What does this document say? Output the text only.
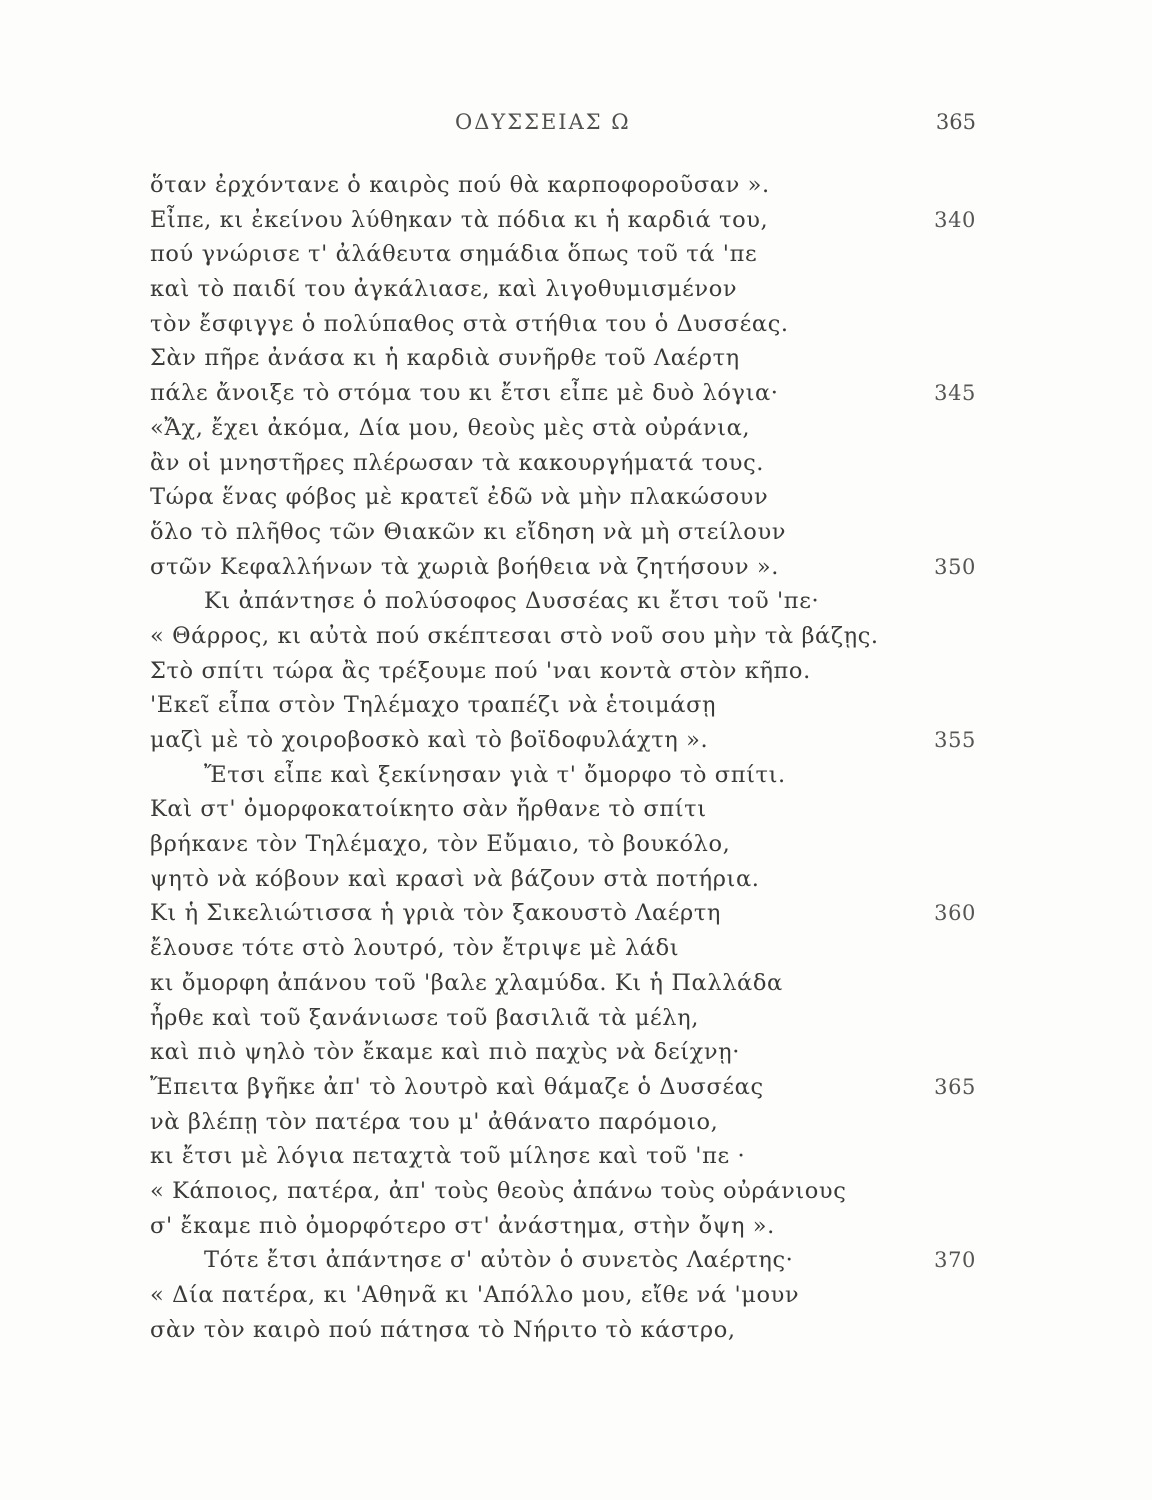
ΟΔΥΣΣΕΙΑΣ Ω	365
ὅταν ἐρχόντανε ὁ καιρὸς πού θὰ καρποφοροῦσαν ».
Εἶπε, κι ἐκείνου λύθηκαν τὰ πόδια κι ἡ καρδιά του,	340
πού γνώρισε τ' ἀλάθευτα σημάδια ὅπως τοῦ τά 'πε
καὶ τὸ παιδί του ἀγκάλιασε, καὶ λιγοθυμισμένον
τὸν ἔσφιγγε ὁ πολύπαθος στὰ στήθια του ὁ Δυσσέας.
Σὰν πῆρε ἀνάσα κι ἡ καρδιὰ συνῆρθε τοῦ Λαέρτη
πάλε ἄνοιξε τὸ στόμα του κι ἔτσι εἶπε μὲ δυὸ λόγια·	345
«Ἄχ, ἔχει ἀκόμα, Δία μου, θεοὺς μὲς στὰ οὐράνια,
ἂν οἱ μνηστῆρες πλέρωσαν τὰ κακουργήματά τους.
Τώρα ἕνας φόβος μὲ κρατεῖ ἐδῶ νὰ μὴν πλακώσουν
ὅλο τὸ πλῆθος τῶν Θιακῶν κι εἴδηση νὰ μὴ στείλουν
στῶν Κεφαλλήνων τὰ χωριὰ βοήθεια νὰ ζητήσουν ».	350
Κι ἀπάντησε ὁ πολύσοφος Δυσσέας κι ἔτσι τοῦ 'πε·
« Θάρρος, κι αὐτὰ πού σκέπτεσαι στὸ νοῦ σου μὴν τὰ βάζῃς.
Στὸ σπίτι τώρα ἂς τρέξουμε πού 'ναι κοντὰ στὸν κῆπο.
'Εκεῖ εἶπα στὸν Τηλέμαχο τραπέζι νὰ ἑτοιμάσῃ
μαζὶ μὲ τὸ χοιροβοσκὸ καὶ τὸ βοϊδοφυλάχτη ».	355
Ἔτσι εἶπε καὶ ξεκίνησαν γιὰ τ' ὄμορφο τὸ σπίτι.
Καὶ στ' ὀμορφοκατοίκητο σὰν ἤρθανε τὸ σπίτι
βρήκανε τὸν Τηλέμαχο, τὸν Εὔμαιο, τὸ βουκόλο,
ψητὸ νὰ κόβουν καὶ κρασὶ νὰ βάζουν στὰ ποτήρια.
Κι ἡ Σικελιώτισσα ἡ γριὰ τὸν ξακουστὸ Λαέρτη	360
ἔλουσε τότε στὸ λουτρό, τὸν ἔτριψε μὲ λάδι
κι ὄμορφη ἀπάνου τοῦ 'βαλε χλαμύδα. Κι ἡ Παλλάδα
ἦρθε καὶ τοῦ ξανάνιωσε τοῦ βασιλιᾶ τὰ μέλη,
καὶ πιὸ ψηλὸ τὸν ἔκαμε καὶ πιὸ παχὺς νὰ δείχνῃ·
Ἔπειτα βγῆκε ἀπ' τὸ λουτρὸ καὶ θάμαζε ὁ Δυσσέας	365
νὰ βλέπῃ τὸν πατέρα του μ' ἀθάνατο παρόμοιο,
κι ἔτσι μὲ λόγια πεταχτὰ τοῦ μίλησε καὶ τοῦ 'πε ·
« Κάποιος, πατέρα, ἀπ' τοὺς θεοὺς ἀπάνω τοὺς οὐράνιους
σ' ἔκαμε πιὸ ὀμορφότερο στ' ἀνάστημα, στὴν ὄψη ».
Τότε ἔτσι ἀπάντησε σ' αὐτὸν ὁ συνετὸς Λαέρτης·	370
« Δία πατέρα, κι 'Αθηνᾶ κι 'Απόλλο μου, εἴθε νά 'μουν
σὰν τὸν καιρὸ πού πάτησα τὸ Νήριτο τὸ κάστρο,
